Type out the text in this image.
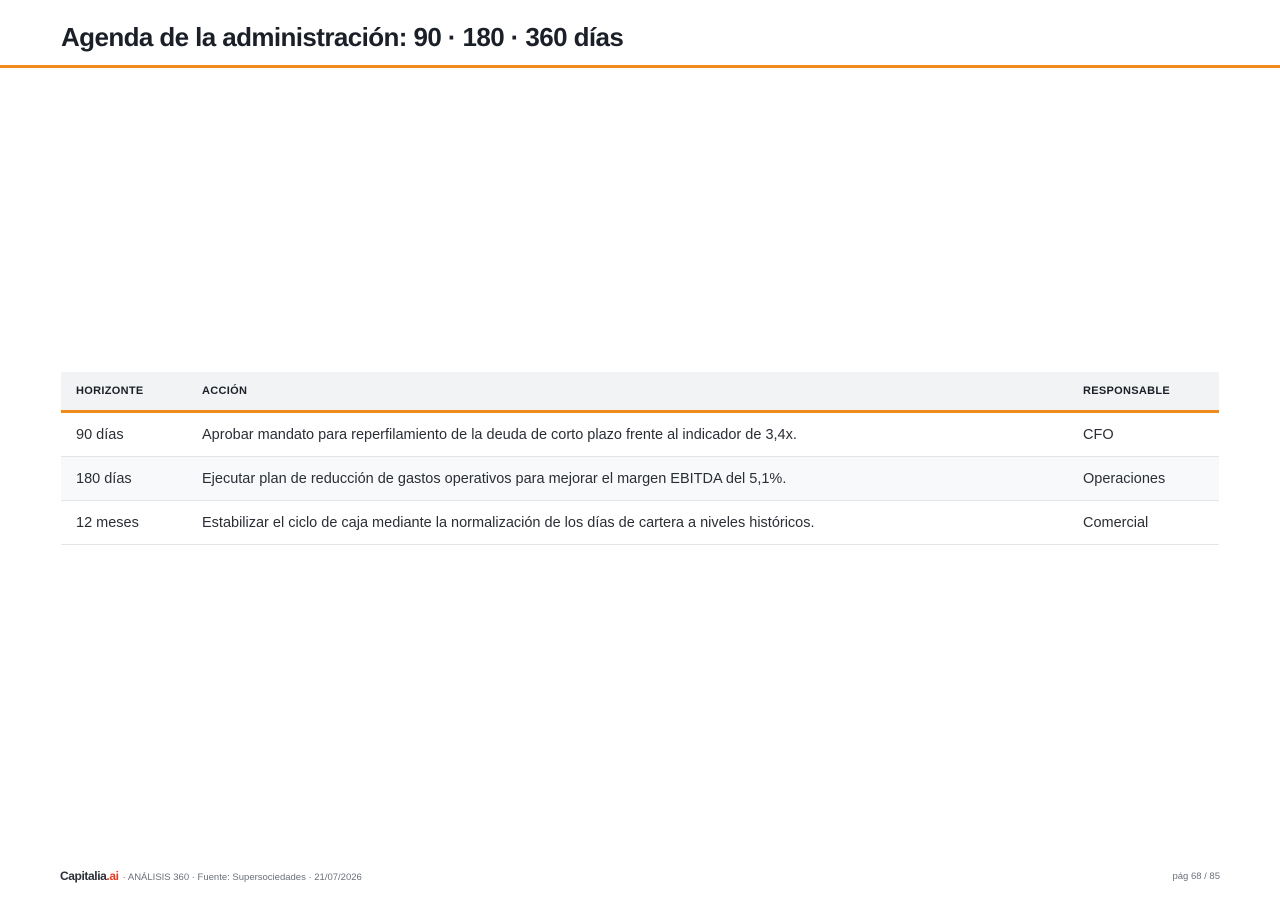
Agenda de la administración: 90 · 180 · 360 días
HORIZONTE	ACCIÓN	RESPONSABLE
90 días	Aprobar mandato para reperfilamiento de la deuda de corto plazo frente al indicador de 3,4x.	CFO
180 días	Ejecutar plan de reducción de gastos operativos para mejorar el margen EBITDA del 5,1%.	Operaciones
12 meses	Estabilizar el ciclo de caja mediante la normalización de los días de cartera a niveles históricos.	Comercial
Capitalia.ai · ANÁLISIS 360 · Fuente: Supersociedades · 21/07/2026	pág 68 / 85
